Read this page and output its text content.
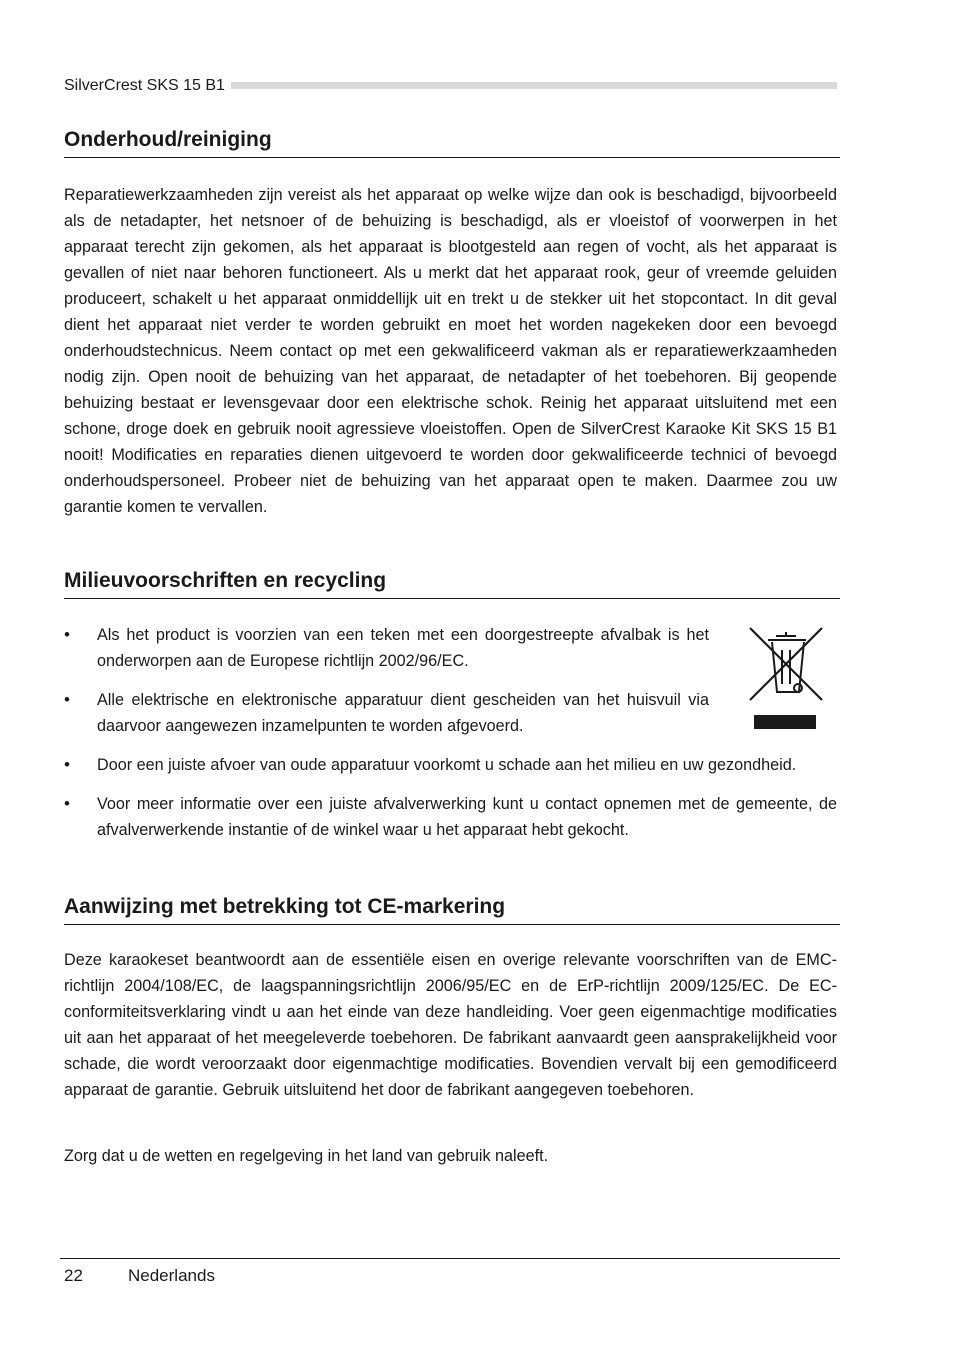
SilverCrest SKS 15 B1
Onderhoud/reiniging

Reparatiewerkzaamheden zijn vereist als het apparaat op welke wijze dan ook is beschadigd, bijvoorbeeld als de netadapter, het netsnoer of de behuizing is beschadigd, als er vloeistof of voorwerpen in het apparaat terecht zijn gekomen, als het apparaat is blootgesteld aan regen of vocht, als het apparaat is gevallen of niet naar behoren functioneert. Als u merkt dat het apparaat rook, geur of vreemde geluiden produceert, schakelt u het apparaat onmiddellijk uit en trekt u de stekker uit het stopcontact. In dit geval dient het apparaat niet verder te worden gebruikt en moet het worden nagekeken door een bevoegd onderhoudstechnicus. Neem contact op met een gekwalificeerd vakman als er reparatiewerkzaamheden nodig zijn. Open nooit de behuizing van het apparaat, de netadapter of het toebehoren. Bij geopende behuizing bestaat er levensgevaar door een elektrische schok. Reinig het apparaat uitsluitend met een schone, droge doek en gebruik nooit agressieve vloeistoffen. Open de SilverCrest Karaoke Kit SKS 15 B1 nooit! Modificaties en reparaties dienen uitgevoerd te worden door gekwalificeerde technici of bevoegd onderhoudspersoneel. Probeer niet de behuizing van het apparaat open te maken. Daarmee zou uw garantie komen te vervallen.

Milieuvoorschriften en recycling
• Als het product is voorzien van een teken met een doorgestreepte afvalbak is het onderworpen aan de Europese richtlijn 2002/96/EC.
• Alle elektrische en elektronische apparatuur dient gescheiden van het huisvuil via daarvoor aangewezen inzamelpunten te worden afgevoerd.
• Door een juiste afvoer van oude apparatuur voorkomt u schade aan het milieu en uw gezondheid.
• Voor meer informatie over een juiste afvalverwerking kunt u contact opnemen met de gemeente, de afvalverwerkende instantie of de winkel waar u het apparaat hebt gekocht.
Aanwijzing met betrekking tot CE-markering

Deze karaokeset beantwoordt aan de essentiële eisen en overige relevante voorschriften van de EMC-richtlijn 2004/108/EC, de laagspanningsrichtlijn 2006/95/EC en de ErP-richtlijn 2009/125/EC. De EC-conformiteitsverklaring vindt u aan het einde van deze handleiding. Voer geen eigenmachtige modificaties uit aan het apparaat of het meegeleverde toebehoren. De fabrikant aanvaardt geen aansprakelijkheid voor schade, die wordt veroorzaakt door eigenmachtige modificaties. Bovendien vervalt bij een gemodificeerd apparaat de garantie. Gebruik uitsluitend het door de fabrikant aangegeven toebehoren.

Zorg dat u de wetten en regelgeving in het land van gebruik naleeft.

22	Nederlands
